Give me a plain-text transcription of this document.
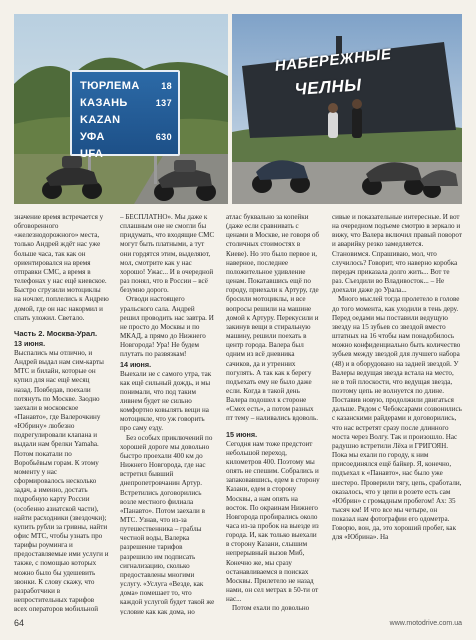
ТЮРЛЕМА 18
КАЗАНЬ	137
KAZAN
УФА	630
UFA
НАБЕРЕЖНЫЕ
ЧЕЛНЫ

значение время встречается у обговоренного «железнодорожного» места, только Андрей ждёт нас уже больше часа, так как он ориентировался на время отправки СМС, а время в телефонах у нас ещё киевское. Быстро сгрузили мотоциклы на ночлег, поплелись к Андрею домой, где он нас накормил и спать уложил. Светало.

Часть 2. Москва-Урал.
13 июня.

Выспались мы отлично, и Андрей выдал нам сим-карты МТС и билайн, которые он купил для нас ещё месяц назад. Повбедав, поехали потянуть по Москве. Заодно заехали в московское «Панавто», где Валерочкину «Юбрину» любезно подрегулировали клапана и выдали нам брелки Yamaha. Потом покатали по Воробьёвым горам. К этому моменту у нас сформировалось несколько задач, а именно, достать подробную карту России (особенно азиатской части), найти расходники (звездочки); купить рубли за гривны, найти офис МТС, чтобы узнать про тарифы роуминга и предоставляемые ими услуги и также, с помощью которых можно было бы удешевить звонки. К слову скажу, что разработчики в непростительных тарифов всех операторов мобильной

– БЕСПЛАТНО». Мы даже к сплашным оне не смогли бы придумать, что входящие СМС могут быть платными, а тут они гордятся этим, выделяют, мол, смотрите как у нас хорошо! Ужас... И в очередной раз понял, что в России – всё безумно дорого.

Отводи настоящего уральского сала. Андрей решил проводить нас завтра. И не просто до Москвы и по МКАД, а прямо до Нижнего Новгорода! Ура! Не будем плутать по развязкам!

14 июня.

Выехали не с самого утра, так как ещё сильный дождь, и мы понимали, что под таким ливнем будет не сильно комфортно ковылять вещи на мотоцикле, что уж говорить про саму езду.

Без особых приключений по хорошей дороге мы довольно быстро проехали 400 км до Нижнего Новгорода, где нас встретил бывший днепропетровчанин Артур. Встретились договорились возле местного филиала «Панавто». Потом заехали в МТС. Узнав, что из-за путешественника – граблы честной воды, Валерка разрешение тарифов разрешило им подписать сигнализацию, сколько предоставлены многими услугу. «Услуга «Везде, как дома» помешает то, что каждой услугой будет такой же условие как как дома, но

атлас буквально за копейки (даже если сравнивать с ценами в Москве, не говоря об столичных стоимостях в Киеве). Но это было первое и, наверное, последнее положительное удивление ценам. Покатавшись ещё по городу, приехали к Артуру, где бросили мотоциклы, и все вопросы решили на машине домой к Артуру. Перекусили и закинув вещи в стиральную машину, решили поехать в центр города. Валера был одним из всё дневника сачиков, да и утренних погулять. А так как к берегу подъехать ему не было даже если. Когда в такой день Валера подошел к стороне «Смех есть», а потом разных пт тему – наливались вдоволь.

15 июня.

Сегодня нам тоже предстоит небольшой переход, километров 400. Поэтому мы опять не спешим. Собрались и запаковавшись, едем в сторону Казани, едем в сторону Москвы, а нам опять на восток. По окраинам Нижнего Новгорода пробирались около часа из-за пробок на выезде из города. И, как только выехали в сторону Казани, слышим непрерывный вызов Миб, Конечно же, мы сразу останавливаемся в поисках Москвы. Прилетело не назад нами, он сел метрах в 50-ти от нас...

Потом ехали по довольно

сивые и показательные интересные. И вот на очередном подъеме смотрю в зеркало и вижу, что Валера включил правый поворот и аварийку резко замедляется. Становимся. Спрашиваю, мол, что случилось? Говорит, что наверно коробка передач приказала долго жить... Вот те раз. Съездили во Владивосток... – Не доехали даже до Урала...

Много мыслей тогда пролетело в голове до того момента, как уходили в тень деру. Перед оедами мы поставили ведущую звезду на 15 зубьев со звездой вместо штатных на 16 чтобы нам понадобилось можно конфиденциально быть количество зубьев между звездой для лучшего набора (48) и в оборудовано на задней звездой. У Валеры ведущая звезда встала на место, не в той плоскости, что ведущая звезда, поэтому цепь не волнуется по длине. Поставив новую, продолжили двигаться дальше. Рядом с Чебоксарами созвонились с казанскими райдерами и договорились, что нас встретят сразу после длинного моста через Волгу. Так и произошло. Нас радушно встретили Лёха и ГРИГОЯН. Пока мы ехали по городу, к ним присоединялся ещё байкер. Я, конечно, подъехал к «Панавто», нас было уже шестеро. Проверили тягу, цепь, сработали, оказалось, что у цепи в розете есть сам «Юбрин» с громадным пробегом! Ах: 35 тысяч км! И что все мы четыре, он показал нам фотографии его одометра. Говорю, вон, да, это хороший пробег, как для «Юбрина». На

64	www.motodrive.com.ua
